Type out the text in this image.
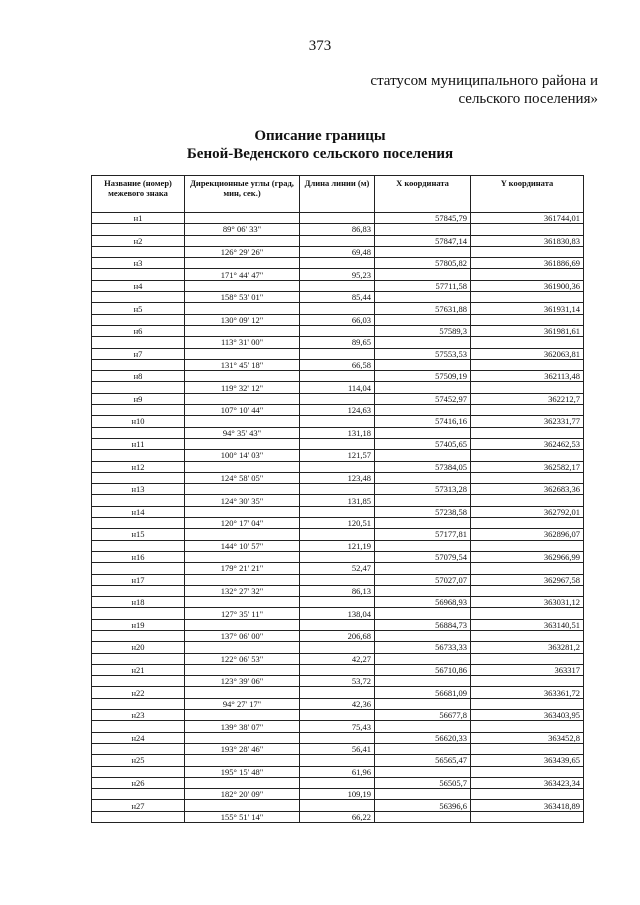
373
статусом муниципального района и
сельского поселения»
Описание границы
Беной-Веденского сельского поселения
Название (номер) межевого знака	Дирекционные углы (град, мин, сек.)	Длина линии (м)	X координата	Y координата
н1			57845,79	361744,01
	89° 06' 33"	86,83		
н2			57847,14	361830,83
	126° 29' 26"	69,48		
н3			57805,82	361886,69
	171° 44' 47"	95,23		
н4			57711,58	361900,36
	158° 53' 01"	85,44		
н5			57631,88	361931,14
	130° 09' 12"	66,03		
н6			57589,3	361981,61
	113° 31' 00"	89,65		
н7			57553,53	362063,81
	131° 45' 18"	66,58		
н8			57509,19	362113,48
	119° 32' 12"	114,04		
н9			57452,97	362212,7
	107° 10' 44"	124,63		
н10			57416,16	362331,77
	94° 35' 43"	131,18		
н11			57405,65	362462,53
	100° 14' 03"	121,57		
н12			57384,05	362582,17
	124° 58' 05"	123,48		
н13			57313,28	362683,36
	124° 30' 35"	131,85		
н14			57238,58	362792,01
	120° 17' 04"	120,51		
н15			57177,81	362896,07
	144° 10' 57"	121,19		
н16			57079,54	362966,99
	179° 21' 21"	52,47		
н17			57027,07	362967,58
	132° 27' 32"	86,13		
н18			56968,93	363031,12
	127° 35' 11"	138,04		
н19			56884,73	363140,51
	137° 06' 00"	206,68		
н20			56733,33	363281,2
	122° 06' 53"	42,27		
н21			56710,86	363317
	123° 39' 06"	53,72		
н22			56681,09	363361,72
	94° 27' 17"	42,36		
н23			56677,8	363403,95
	139° 38' 07"	75,43		
н24			56620,33	363452,8
	193° 28' 46"	56,41		
н25			56565,47	363439,65
	195° 15' 48"	61,96		
н26			56505,7	363423,34
	182° 20' 09"	109,19		
н27			56396,6	363418,89
	155° 51' 14"	66,22		
